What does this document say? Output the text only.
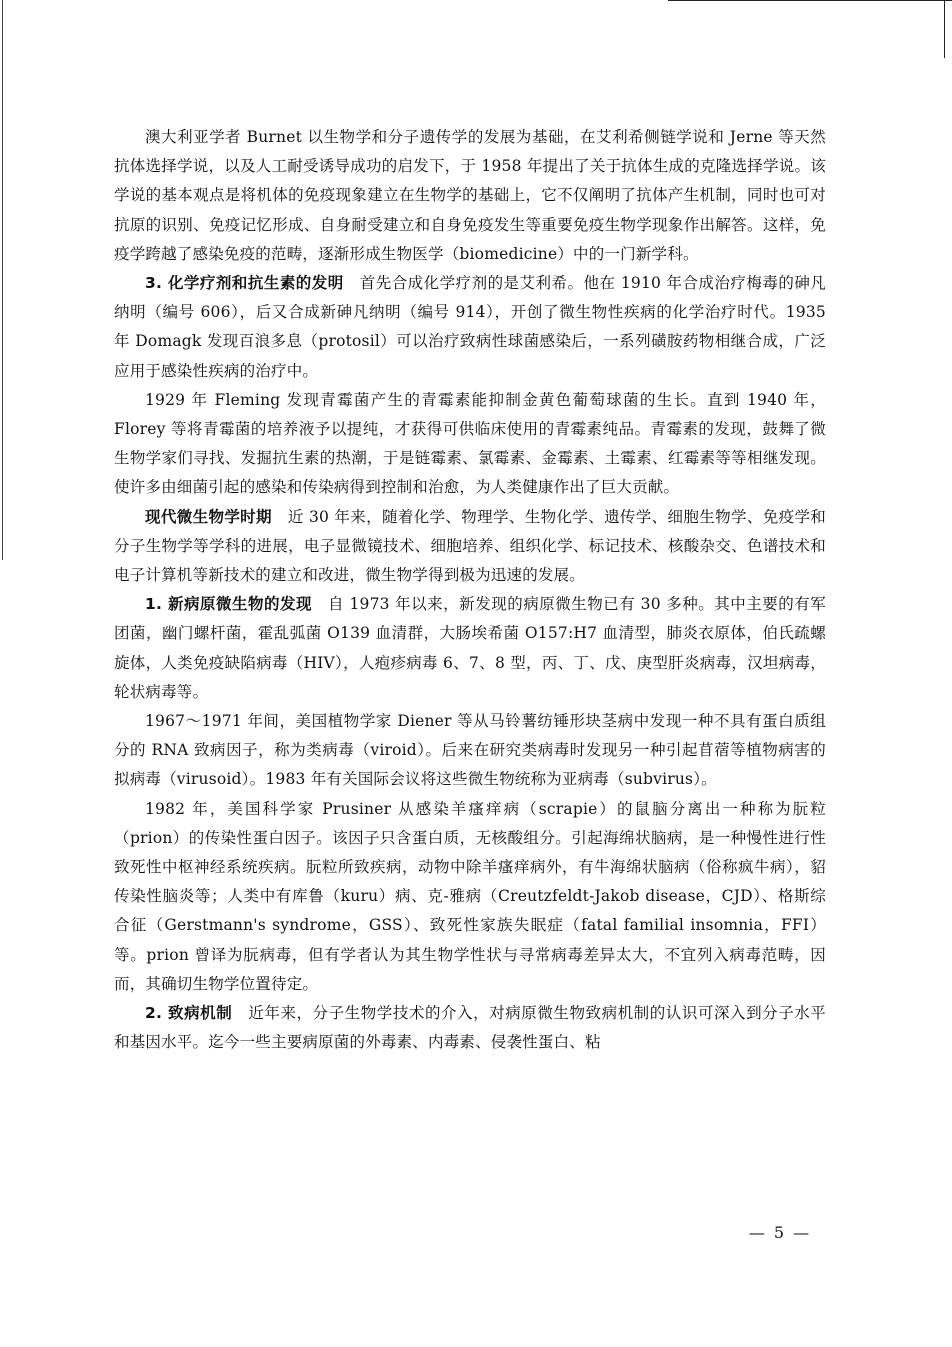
澳大利亚学者 Burnet 以生物学和分子遗传学的发展为基础，在艾利希侧链学说和 Jerne 等天然抗体选择学说，以及人工耐受诱导成功的启发下，于 1958 年提出了关于抗体生成的克隆选择学说。该学说的基本观点是将机体的免疫现象建立在生物学的基础上，它不仅阐明了抗体产生机制，同时也可对抗原的识别、免疫记忆形成、自身耐受建立和自身免疫发生等重要免疫生物学现象作出解答。这样，免疫学跨越了感染免疫的范畴，逐渐形成生物医学（biomedicine）中的一门新学科。

3. 化学疗剂和抗生素的发明　 首先合成化学疗剂的是艾利希。他在 1910 年合成治疗梅毒的砷凡纳明（编号 606），后又合成新砷凡纳明（编号 914），开创了微生物性疾病的化学治疗时代。1935 年 Domagk 发现百浪多息（protosil）可以治疗致病性球菌感染后，一系列磺胺药物相继合成，广泛应用于感染性疾病的治疗中。

1929 年 Fleming 发现青霉菌产生的青霉素能抑制金黄色葡萄球菌的生长。直到 1940 年，Florey 等将青霉菌的培养液予以提纯，才获得可供临床使用的青霉素纯品。青霉素的发现，鼓舞了微生物学家们寻找、发掘抗生素的热潮，于是链霉素、氯霉素、金霉素、土霉素、红霉素等等相继发现。使许多由细菌引起的感染和传染病得到控制和治愈，为人类健康作出了巨大贡献。

现代微生物学时期　 近 30 年来，随着化学、物理学、生物化学、遗传学、细胞生物学、免疫学和分子生物学等学科的进展，电子显微镜技术、细胞培养、组织化学、标记技术、核酸杂交、色谱技术和电子计算机等新技术的建立和改进，微生物学得到极为迅速的发展。

1. 新病原微生物的发现　 自 1973 年以来，新发现的病原微生物已有 30 多种。其中主要的有军团菌，幽门螺杆菌，霍乱弧菌 O139 血清群，大肠埃希菌 O157:H7 血清型，肺炎衣原体，伯氏疏螺旋体，人类免疫缺陷病毒（HIV），人疱疹病毒 6、7、8 型，丙、丁、戊、庚型肝炎病毒，汉坦病毒，轮状病毒等。

1967～1971 年间，美国植物学家 Diener 等从马铃薯纺锤形块茎病中发现一种不具有蛋白质组分的 RNA 致病因子，称为类病毒（viroid）。后来在研究类病毒时发现另一种引起苜蓿等植物病害的拟病毒（virusoid）。1983 年有关国际会议将这些微生物统称为亚病毒（subvirus）。

1982 年，美国科学家 Prusiner 从感染羊瘙痒病（scrapie）的鼠脑分离出一种称为朊粒（prion）的传染性蛋白因子。该因子只含蛋白质，无核酸组分。引起海绵状脑病，是一种慢性进行性致死性中枢神经系统疾病。朊粒所致疾病，动物中除羊瘙痒病外，有牛海绵状脑病（俗称疯牛病），貂传染性脑炎等；人类中有库鲁（kuru）病、克-雅病（Creutzfeldt-Jakob disease，CJD）、格斯综合征（Gerstmann's syndrome，GSS）、致死性家族失眠症（fatal familial insomnia，FFI）等。prion 曾译为朊病毒，但有学者认为其生物学性状与寻常病毒差异太大，不宜列入病毒范畴，因而，其确切生物学位置待定。

2. 致病机制　 近年来，分子生物学技术的介入，对病原微生物致病机制的认识可深入到分子水平和基因水平。迄今一些主要病原菌的外毒素、内毒素、侵袭性蛋白、粘

— 5 —
